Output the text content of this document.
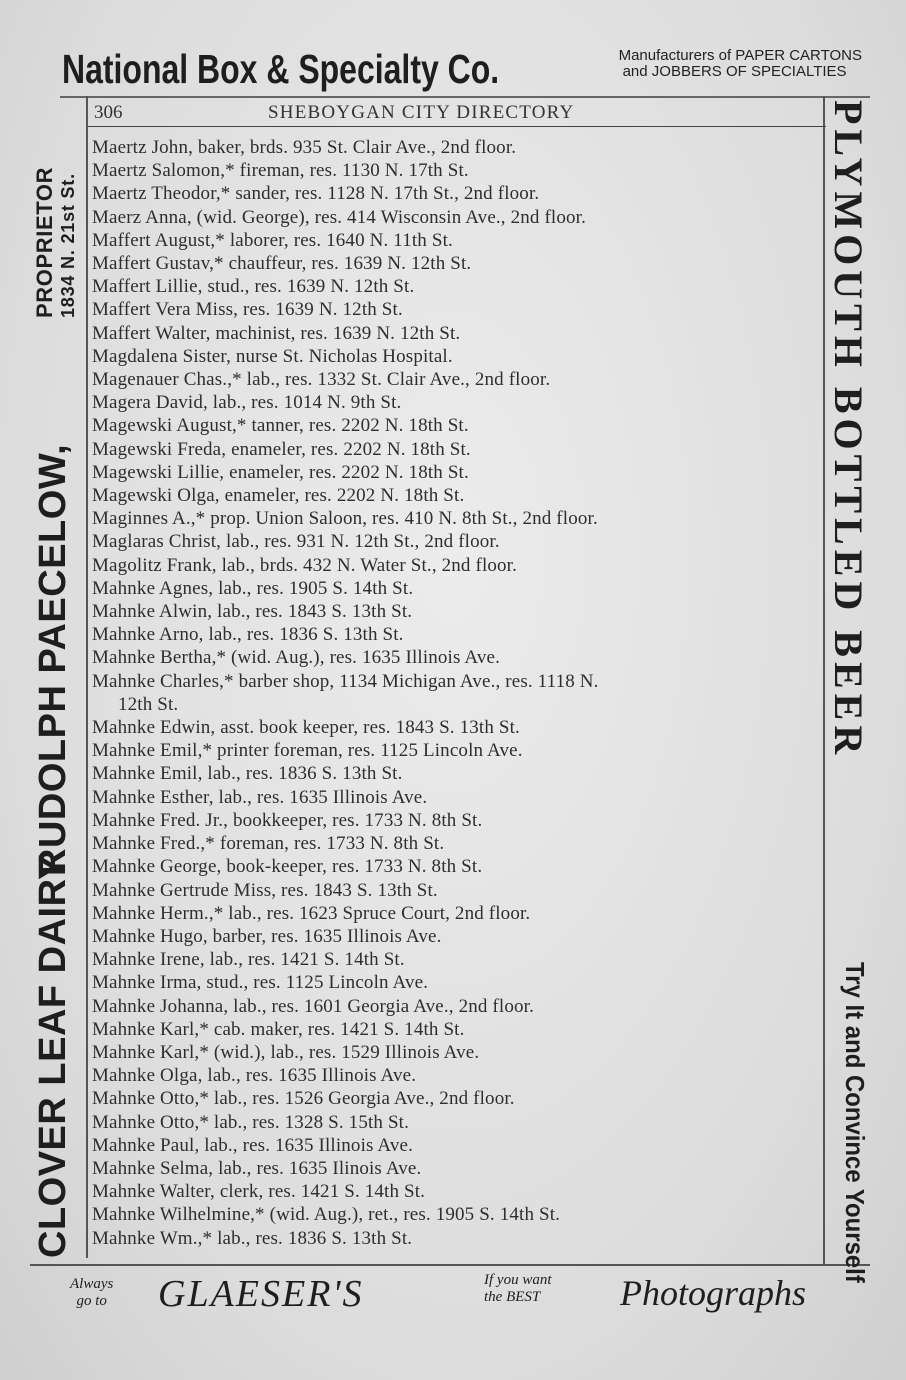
National Box & Specialty Co.	Manufacturers of PAPER CARTONS
and JOBBERS OF SPECIALTIES
306	SHEBOYGAN CITY DIRECTORY
CLOVER LEAF DAIRY
RUDOLPH PAECELOW,
PROPRIETOR 1834 N. 21st St.	PLYMOUTH BOTTLED BEER
Try It and Convince Yourself
Maertz John, baker, brds. 935 St. Clair Ave., 2nd floor.
Maertz Salomon,* fireman, res. 1130 N. 17th St.
Maertz Theodor,* sander, res. 1128 N. 17th St., 2nd floor.
Maerz Anna, (wid. George), res. 414 Wisconsin Ave., 2nd floor.
Maffert August,* laborer, res. 1640 N. 11th St.
Maffert Gustav,* chauffeur, res. 1639 N. 12th St.
Maffert Lillie, stud., res. 1639 N. 12th St.
Maffert Vera Miss, res. 1639 N. 12th St.
Maffert Walter, machinist, res. 1639 N. 12th St.
Magdalena Sister, nurse St. Nicholas Hospital.
Magenauer Chas.,* lab., res. 1332 St. Clair Ave., 2nd floor.
Magera David, lab., res. 1014 N. 9th St.
Magewski August,* tanner, res. 2202 N. 18th St.
Magewski Freda, enameler, res. 2202 N. 18th St.
Magewski Lillie, enameler, res. 2202 N. 18th St.
Magewski Olga, enameler, res. 2202 N. 18th St.
Maginnes A.,* prop. Union Saloon, res. 410 N. 8th St., 2nd floor.
Maglaras Christ, lab., res. 931 N. 12th St., 2nd floor.
Magolitz Frank, lab., brds. 432 N. Water St., 2nd floor.
Mahnke Agnes, lab., res. 1905 S. 14th St.
Mahnke Alwin, lab., res. 1843 S. 13th St.
Mahnke Arno, lab., res. 1836 S. 13th St.
Mahnke Bertha,* (wid. Aug.), res. 1635 Illinois Ave.
Mahnke Charles,* barber shop, 1134 Michigan Ave., res. 1118 N.
12th St.
Mahnke Edwin, asst. book keeper, res. 1843 S. 13th St.
Mahnke Emil,* printer foreman, res. 1125 Lincoln Ave.
Mahnke Emil, lab., res. 1836 S. 13th St.
Mahnke Esther, lab., res. 1635 Illinois Ave.
Mahnke Fred. Jr., bookkeeper, res. 1733 N. 8th St.
Mahnke Fred.,* foreman, res. 1733 N. 8th St.
Mahnke George, book-keeper, res. 1733 N. 8th St.
Mahnke Gertrude Miss, res. 1843 S. 13th St.
Mahnke Herm.,* lab., res. 1623 Spruce Court, 2nd floor.
Mahnke Hugo, barber, res. 1635 Illinois Ave.
Mahnke Irene, lab., res. 1421 S. 14th St.
Mahnke Irma, stud., res. 1125 Lincoln Ave.
Mahnke Johanna, lab., res. 1601 Georgia Ave., 2nd floor.
Mahnke Karl,* cab. maker, res. 1421 S. 14th St.
Mahnke Karl,* (wid.), lab., res. 1529 Illinois Ave.
Mahnke Olga, lab., res. 1635 Illinois Ave.
Mahnke Otto,* lab., res. 1526 Georgia Ave., 2nd floor.
Mahnke Otto,* lab., res. 1328 S. 15th St.
Mahnke Paul, lab., res. 1635 Illinois Ave.
Mahnke Selma, lab., res. 1635 Ilinois Ave.
Mahnke Walter, clerk, res. 1421 S. 14th St.
Mahnke Wilhelmine,* (wid. Aug.), ret., res. 1905 S. 14th St.
Mahnke Wm.,* lab., res. 1836 S. 13th St.
Always
go to GLAESER'S	If you want
the BEST	Photographs
